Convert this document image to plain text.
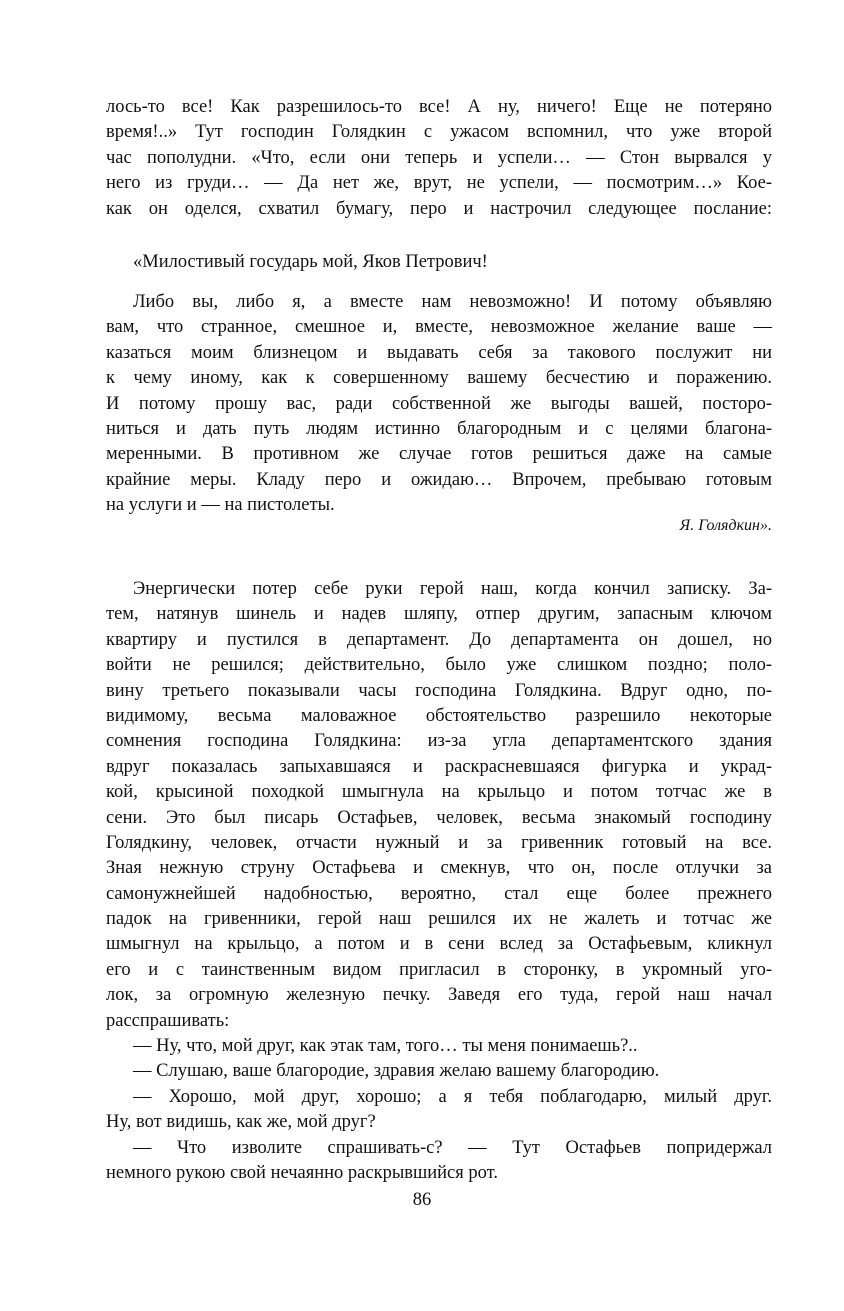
лось-то все! Как разрешилось-то все! А ну, ничего! Еще не потеряно
время!..» Тут господин Голядкин с ужасом вспомнил, что уже второй
час пополудни. «Что, если они теперь и успели… — Стон вырвался у
него из груди… — Да нет же, врут, не успели, — посмотрим…» Кое-
как он оделся, схватил бумагу, перо и настрочил следующее послание:
«Милостивый государь мой, Яков Петрович!
Либо вы, либо я, а вместе нам невозможно! И потому объявляю
вам, что странное, смешное и, вместе, невозможное желание ваше —
казаться моим близнецом и выдавать себя за такового послужит ни
к чему иному, как к совершенному вашему бесчестию и поражению.
И потому прошу вас, ради собственной же выгоды вашей, посторо-
ниться и дать путь людям истинно благородным и с целями благона-
меренными. В противном же случае готов решиться даже на самые
крайние меры. Кладу перо и ожидаю… Впрочем, пребываю готовым
на услуги и — на пистолеты.
Я. Голядкин».
Энергически потер себе руки герой наш, когда кончил записку. За-
тем, натянув шинель и надев шляпу, отпер другим, запасным ключом
квартиру и пустился в департамент. До департамента он дошел, но
войти не решился; действительно, было уже слишком поздно; поло-
вину третьего показывали часы господина Голядкина. Вдруг одно, по-
видимому, весьма маловажное обстоятельство разрешило некоторые
сомнения господина Голядкина: из-за угла департаментского здания
вдруг показалась запыхавшаяся и раскрасневшаяся фигурка и украд-
кой, крысиной походкой шмыгнула на крыльцо и потом тотчас же в
сени. Это был писарь Остафьев, человек, весьма знакомый господину
Голядкину, человек, отчасти нужный и за гривенник готовый на все.
Зная нежную струну Остафьева и смекнув, что он, после отлучки за
самонужнейшей надобностью, вероятно, стал еще более прежнего
падок на гривенники, герой наш решился их не жалеть и тотчас же
шмыгнул на крыльцо, а потом и в сени вслед за Остафьевым, кликнул
его и с таинственным видом пригласил в сторонку, в укромный уго-
лок, за огромную железную печку. Заведя его туда, герой наш начал
расспрашивать:
— Ну, что, мой друг, как этак там, того… ты меня понимаешь?..
— Слушаю, ваше благородие, здравия желаю вашему благородию.
— Хорошо, мой друг, хорошо; а я тебя поблагодарю, милый друг.
Ну, вот видишь, как же, мой друг?
— Что изволите спрашивать-с? — Тут Остафьев попридержал
немного рукою свой нечаянно раскрывшийся рот.
86
